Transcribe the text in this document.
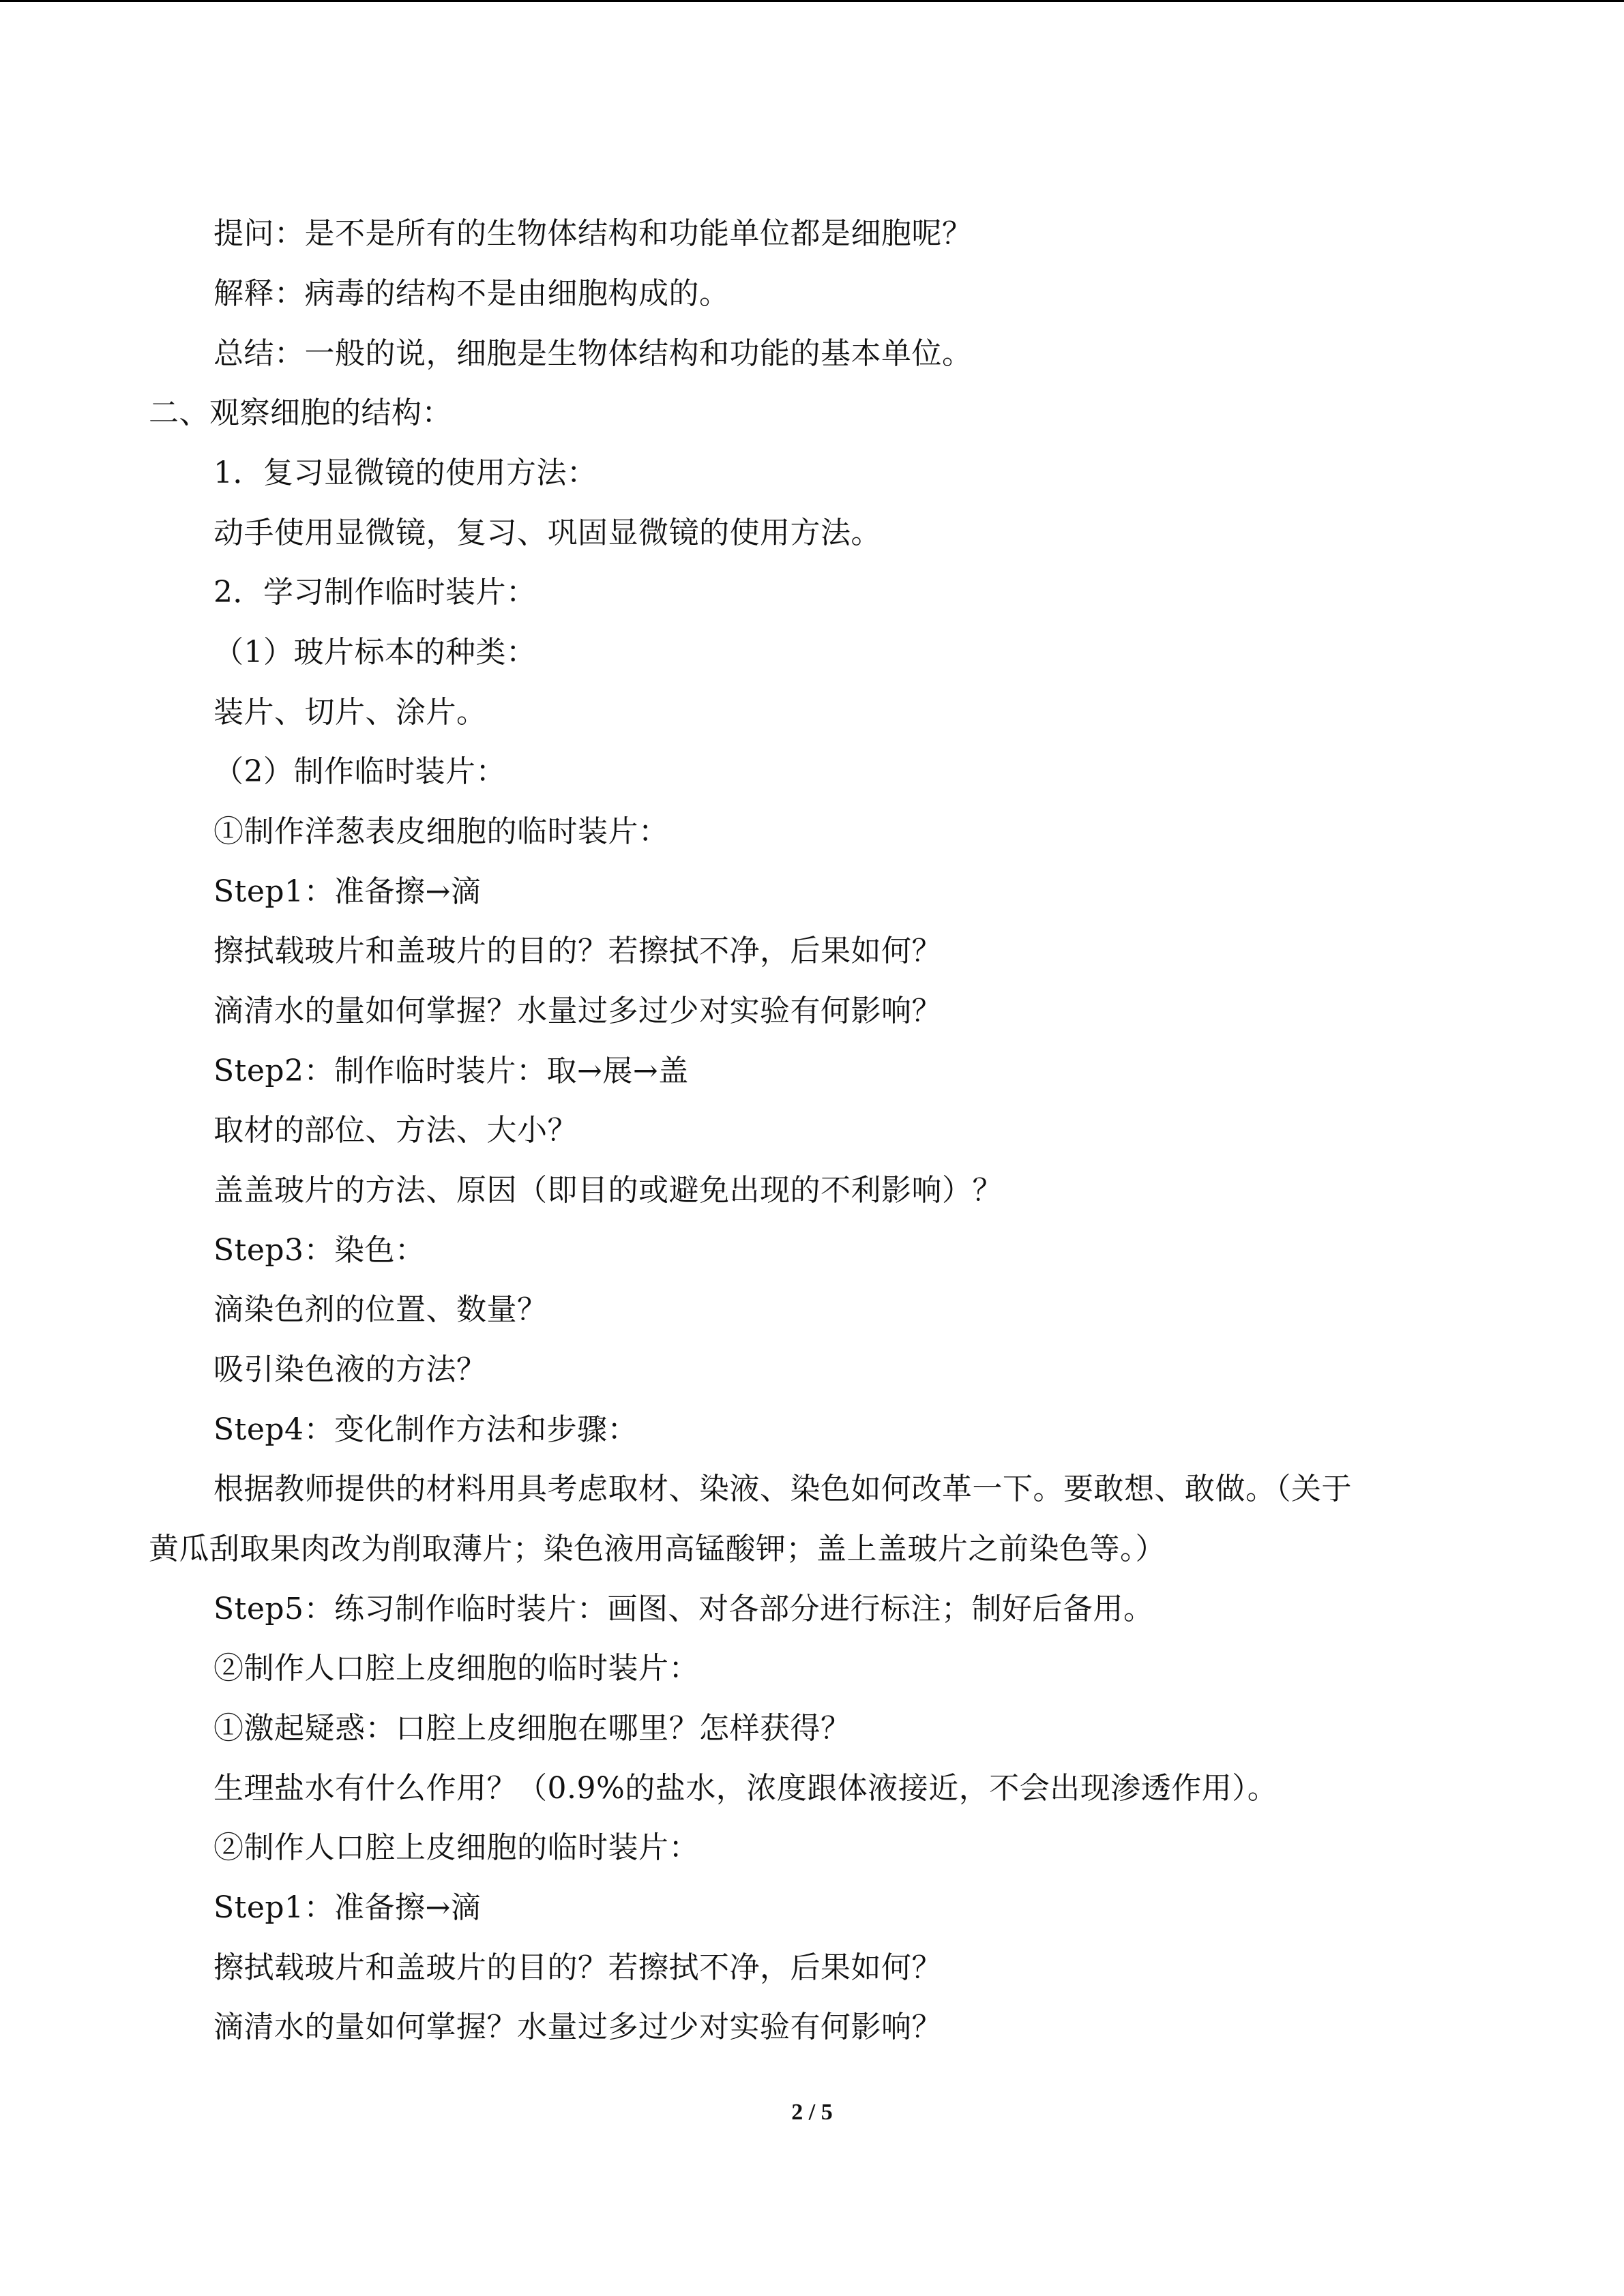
提问：是不是所有的生物体结构和功能单位都是细胞呢？
解释：病毒的结构不是由细胞构成的。
总结：一般的说，细胞是生物体结构和功能的基本单位。
二、观察细胞的结构：
1．复习显微镜的使用方法：
动手使用显微镜，复习、巩固显微镜的使用方法。
2．学习制作临时装片：
（1）玻片标本的种类：
装片、切片、涂片。
（2）制作临时装片：
①制作洋葱表皮细胞的临时装片：
Step1：准备擦→滴
擦拭载玻片和盖玻片的目的？若擦拭不净，后果如何？
滴清水的量如何掌握？水量过多过少对实验有何影响？
Step2：制作临时装片：取→展→盖
取材的部位、方法、大小？
盖盖玻片的方法、原因（即目的或避免出现的不利影响）？
Step3：染色：
滴染色剂的位置、数量？
吸引染色液的方法？
Step4：变化制作方法和步骤：
根据教师提供的材料用具考虑取材、染液、染色如何改革一下。要敢想、敢做。（关于
黄瓜刮取果肉改为削取薄片；染色液用高锰酸钾；盖上盖玻片之前染色等。）
Step5：练习制作临时装片：画图、对各部分进行标注；制好后备用。
②制作人口腔上皮细胞的临时装片：
①激起疑惑：口腔上皮细胞在哪里？怎样获得？
生理盐水有什么作用？（0.9%的盐水，浓度跟体液接近，不会出现渗透作用）。
②制作人口腔上皮细胞的临时装片：
Step1：准备擦→滴
擦拭载玻片和盖玻片的目的？若擦拭不净，后果如何？
滴清水的量如何掌握？水量过多过少对实验有何影响？
2 / 5
